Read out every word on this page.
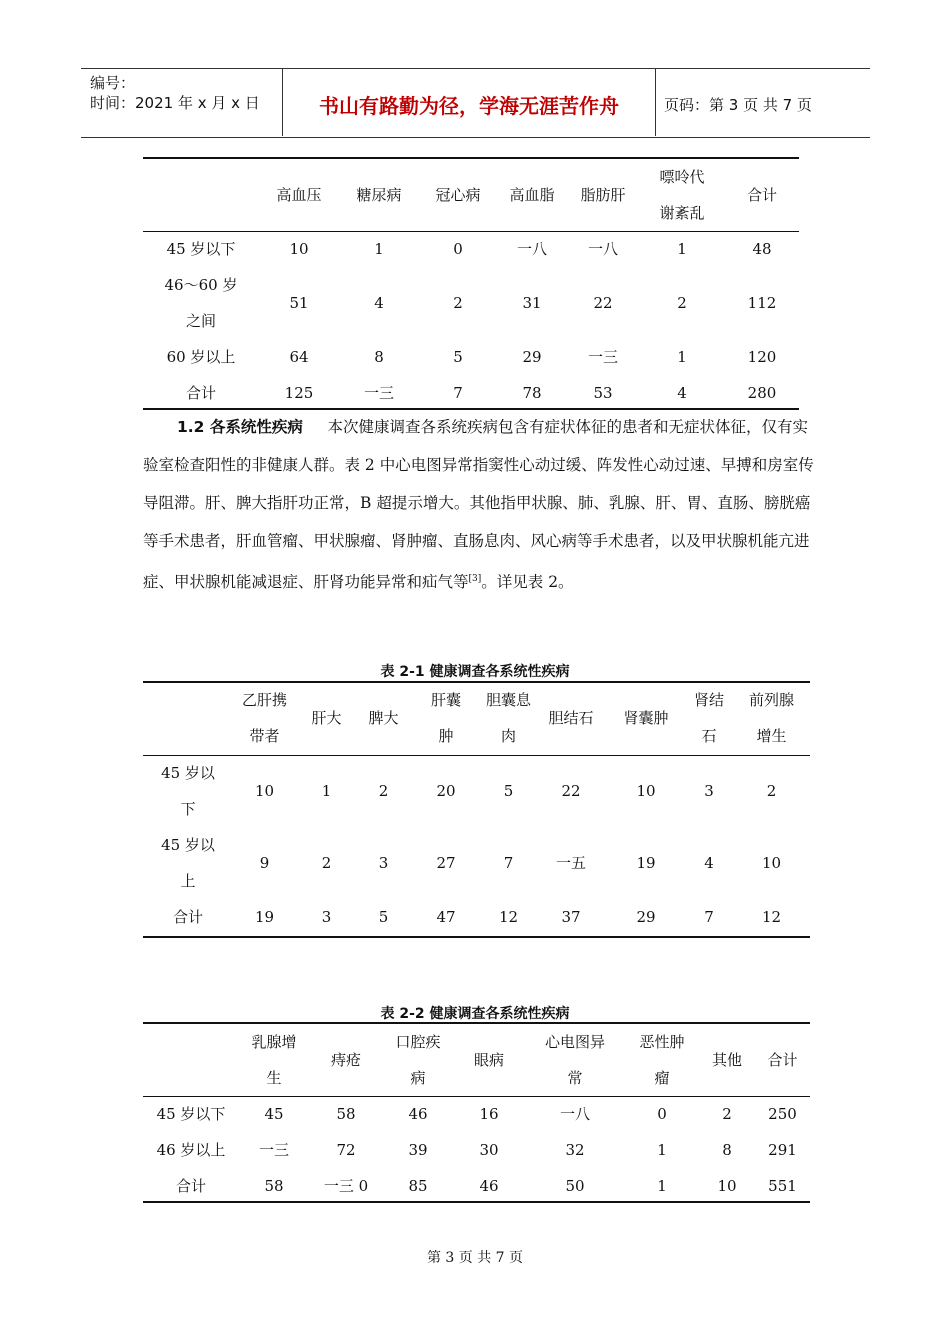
编号：
时间：2021 年 x 月 x 日	书山有路勤为径，学海无涯苦作舟	页码：第 3 页 共 7 页
	高血压	糖尿病	冠心病	高血脂	脂肪肝	嘌呤代谢紊乱	合计
45 岁以下	10	1	0	一八	一八	1	48
46～60 岁之间	51	4	2	31	22	2	112
60 岁以上	64	8	5	29	一三	1	120
合计	125	一三	7	78	53	4	280
1.2 各系统性疾病 本次健康调查各系统疾病包含有症状体征的患者和无症状体征，仅有实验室检查阳性的非健康人群。表 2 中心电图异常指窦性心动过缓、阵发性心动过速、早搏和房室传导阻滞。肝、脾大指肝功正常，B 超提示增大。其他指甲状腺、肺、乳腺、肝、胃、直肠、膀胱癌等手术患者，肝血管瘤、甲状腺瘤、肾肿瘤、直肠息肉、风心病等手术患者，以及甲状腺机能亢进症、甲状腺机能减退症、肝肾功能异常和疝气等[3]。详见表 2。
表 2-1 健康调查各系统性疾病
	乙肝携带者	肝大	脾大	肝囊肿	胆囊息肉	胆结石	肾囊肿	肾结石	前列腺增生
45 岁以下	10	1	2	20	5	22	10	3	2
45 岁以上	9	2	3	27	7	一五	19	4	10
合计	19	3	5	47	12	37	29	7	12
表 2-2 健康调查各系统性疾病
	乳腺增生	痔疮	口腔疾病	眼病	心电图异常	恶性肿瘤	其他	合计
45 岁以下	45	58	46	16	一八	0	2	250
46 岁以上	一三	72	39	30	32	1	8	291
合计	58	一三 0	85	46	50	1	10	551
第 3 页 共 7 页
